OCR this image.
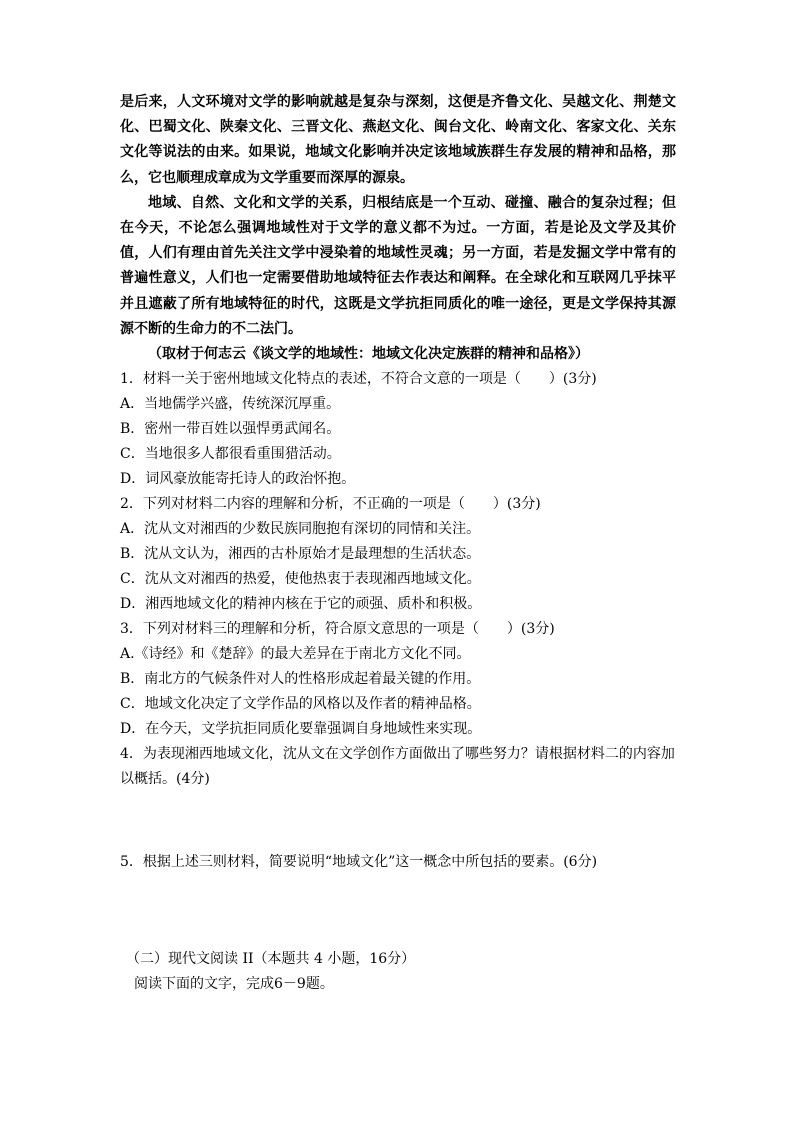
是后来，人文环境对文学的影响就越是复杂与深刻，这便是齐鲁文化、吴越文化、荆楚文化、巴蜀文化、陕秦文化、三晋文化、燕赵文化、闽台文化、岭南文化、客家文化、关东文化等说法的由来。如果说，地域文化影响并决定该地域族群生存发展的精神和品格，那么，它也顺理成章成为文学重要而深厚的源泉。

地域、自然、文化和文学的关系，归根结底是一个互动、碰撞、融合的复杂过程；但在今天，不论怎么强调地域性对于文学的意义都不为过。一方面，若是论及文学及其价值，人们有理由首先关注文学中浸染着的地域性灵魂；另一方面，若是发掘文学中常有的普遍性意义，人们也一定需要借助地域特征去作表达和阐释。在全球化和互联网几乎抹平并且遮蔽了所有地域特征的时代，这既是文学抗拒同质化的唯一途径，更是文学保持其源源不断的生命力的不二法门。

（取材于何志云《谈文学的地域性：地域文化决定族群的精神和品格》）

1．材料一关于密州地域文化特点的表述，不符合文意的一项是（　　）(3分)

A．当地儒学兴盛，传统深沉厚重。

B．密州一带百姓以强悍勇武闻名。

C．当地很多人都很看重围猎活动。

D．词风豪放能寄托诗人的政治怀抱。

2．下列对材料二内容的理解和分析，不正确的一项是（　　）(3分)

A．沈从文对湘西的少数民族同胞抱有深切的同情和关注。

B．沈从文认为，湘西的古朴原始才是最理想的生活状态。

C．沈从文对湘西的热爱，使他热衷于表现湘西地域文化。

D．湘西地域文化的精神内核在于它的顽强、质朴和积极。

3．下列对材料三的理解和分析，符合原文意思的一项是（　　）(3分)

A.《诗经》和《楚辞》的最大差异在于南北方文化不同。

B．南北方的气候条件对人的性格形成起着最关键的作用。

C．地域文化决定了文学作品的风格以及作者的精神品格。

D．在今天，文学抗拒同质化要靠强调自身地域性来实现。

4．为表现湘西地域文化，沈从文在文学创作方面做出了哪些努力？请根据材料二的内容加以概括。(4分)

5．根据上述三则材料，简要说明“地域文化”这一概念中所包括的要素。(6分)

（二）现代文阅读 II（本题共 4 小题，16分）

阅读下面的文字，完成6－9题。
